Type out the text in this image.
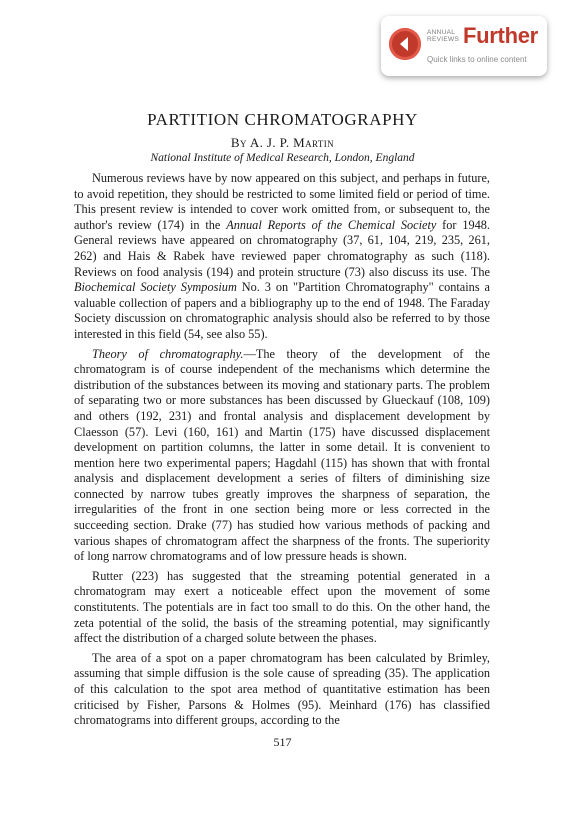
ANNUAL
REVIEWS Further
Quick links to online content
PARTITION CHROMATOGRAPHY
By A. J. P. Martin
National Institute of Medical Research, London, England

Numerous reviews have by now appeared on this subject, and perhaps in future, to avoid repetition, they should be restricted to some limited field or period of time. This present review is intended to cover work omitted from, or subsequent to, the author's review (174) in the Annual Reports of the Chemical Society for 1948. General reviews have appeared on chromatography (37, 61, 104, 219, 235, 261, 262) and Hais & Rabek have reviewed paper chromatography as such (118). Reviews on food analysis (194) and protein structure (73) also discuss its use. The Biochemical Society Symposium No. 3 on "Partition Chromatography" contains a valuable collection of papers and a bibliography up to the end of 1948. The Faraday Society discussion on chromatographic analysis should also be referred to by those interested in this field (54, see also 55).

Theory of chromatography.—The theory of the development of the chromatogram is of course independent of the mechanisms which determine the distribution of the substances between its moving and stationary parts. The problem of separating two or more substances has been discussed by Glueckauf (108, 109) and others (192, 231) and frontal analysis and displacement development by Claesson (57). Levi (160, 161) and Martin (175) have discussed displacement development on partition columns, the latter in some detail. It is convenient to mention here two experimental papers; Hagdahl (115) has shown that with frontal analysis and displacement development a series of filters of diminishing size connected by narrow tubes greatly improves the sharpness of separation, the irregularities of the front in one section being more or less corrected in the succeeding section. Drake (77) has studied how various methods of packing and various shapes of chromatogram affect the sharpness of the fronts. The superiority of long narrow chromatograms and of low pressure heads is shown.

Rutter (223) has suggested that the streaming potential generated in a chromatogram may exert a noticeable effect upon the movement of some constitutents. The potentials are in fact too small to do this. On the other hand, the zeta potential of the solid, the basis of the streaming potential, may significantly affect the distribution of a charged solute between the phases.

The area of a spot on a paper chromatogram has been calculated by Brimley, assuming that simple diffusion is the sole cause of spreading (35). The application of this calculation to the spot area method of quantitative estimation has been criticised by Fisher, Parsons & Holmes (95). Meinhard (176) has classified chromatograms into different groups, according to the

517
